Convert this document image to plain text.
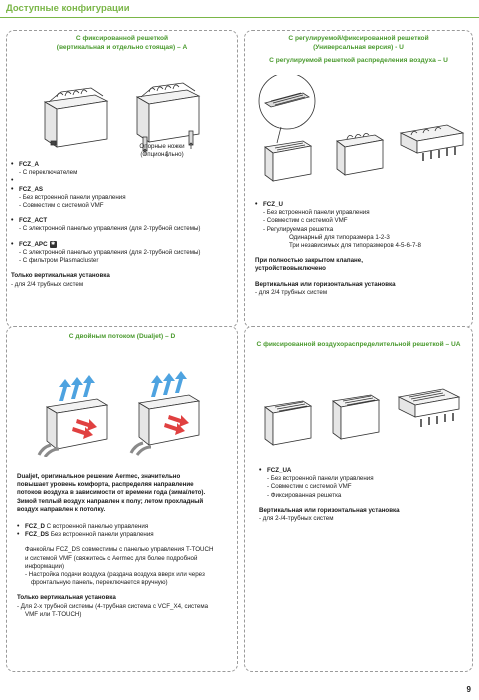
Доступные конфигурации
С фиксированной решеткой
(вертикальная и отдельно стоящая) – A
Опорные ножки
(Опционально)
• FCZ_A
- С переключателем
•
• FCZ_AS
- Без встроенной панели управления
- Совместим с системой VMF
• FCZ_ACT
- С электронной панелью управления (для 2-трубной системы)
• FCZ_APC ✱
- С электронной панелью управления (для 2-трубной системы)
- С фильтром Plasmacluster
Только вертикальная установка
- для 2/4 трубных систем
С регулируемой/фиксированной решеткой
(Универсальная версия) - U
С регулируемой решеткой распределения воздуха – U
• FCZ_U
- Без встроенной панели управления
- Совместим с системой VMF
- Регулируемая решетка
Одинарный для типоразмера 1-2-3
Три независимых для типоразмеров 4-5-6-7-8
При полностью закрытом клапане,
устройствовыключено
Вертикальная или горизонтальная установка
- для 2/4 трубных систем
С двойным потоком (Dualjet) – D
Dualjet, оригинальное решение Aermec, значительно
повышает уровень комфорта, распределяя направление
потоков воздуха в зависимости от времени года (зима/лето).
Зимой теплый воздух направлен к полу; летом прохладный
воздух направлен к потолку.
• FCZ_D С встроенной панелью управления
• FCZ_DS Без встроенной панели управления
Фанкойлы FCZ_DS совместимы с панелью управления T-TOUCH
и системой VMF (свяжитесь с Aermec для более подробной
информации)
- Настройка подачи воздуха (раздача воздуха вверх или через
фронтальную панель, переключается вручную)
Только вертикальная установка
- Для 2-х трубной системы (4-трубная система с VCF_X4, система
VMF или T-TOUCH)
С фиксированной воздухораспределительной решеткой – UA
• FCZ_UA
- Без встроенной панели управления
- Совместим с системой VMF
- Фиксированная решетка
Вертикальная или горизонтальная установка
- для 2-/4-трубных систем
9
